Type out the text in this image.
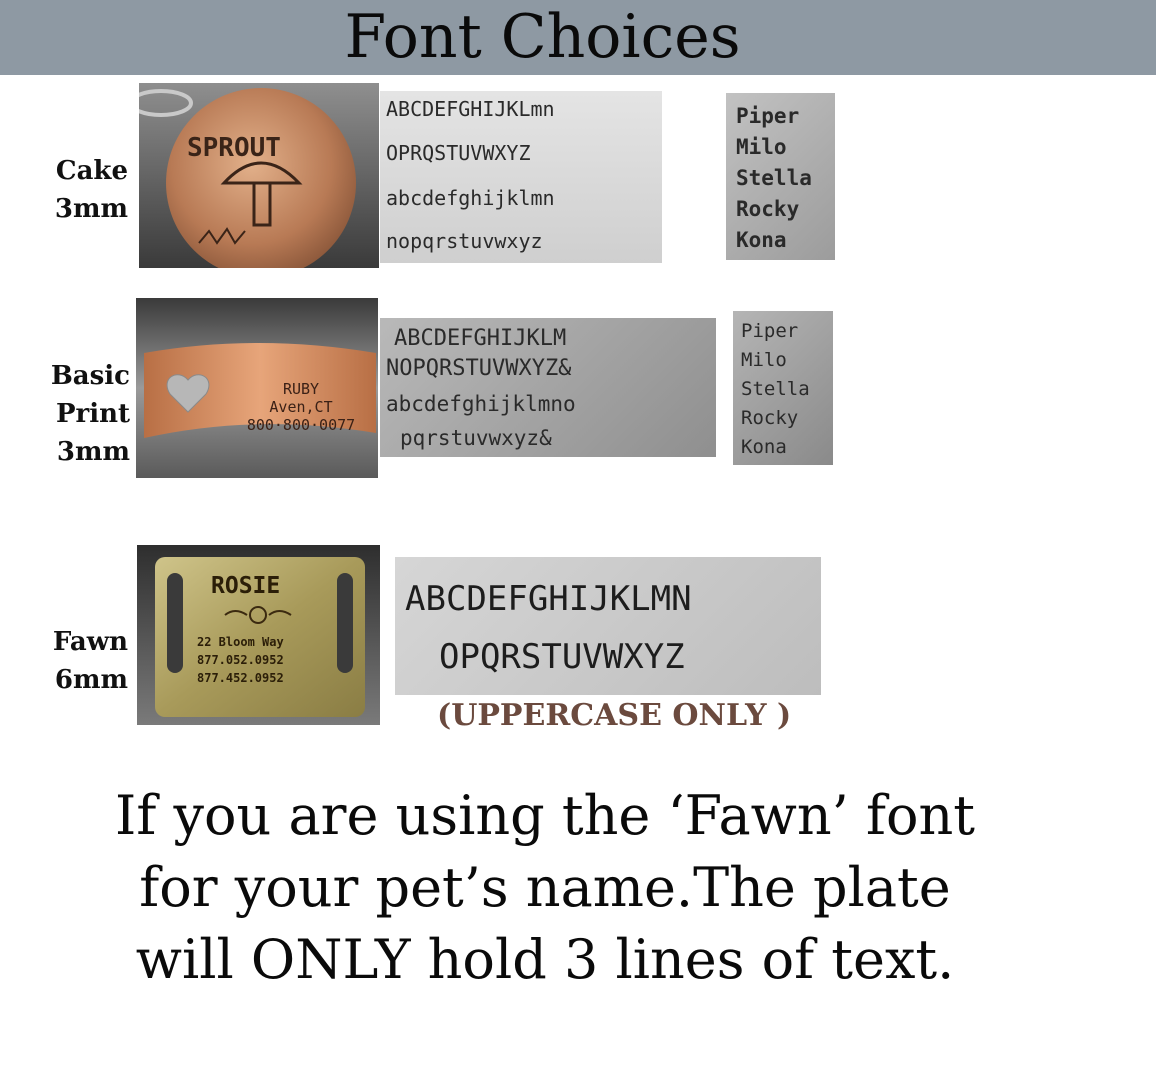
Font Choices
Cake
3mm
SPROUT
ABCDEFGHIJKLmn
OPRQSTUVWXYZ
abcdefghijklmn
nopqrstuvwxyz
Piper
Milo
Stella
Rocky
Kona
Basic
Print
3mm
RUBY
Aven,CT
800·800·0077
ABCDEFGHIJKLM
NOPQRSTUVWXYZ&
abcdefghijklmno
pqrstuvwxyz&
Piper
Milo
Stella
Rocky
Kona
Fawn
6mm
ROSIE
22 Bloom Way
877.052.0952
877.452.0952
ABCDEFGHIJKLMN
OPQRSTUVWXYZ
(UPPERCASE ONLY )
If you are using the ‘Fawn’ font
for your pet’s name.The plate
will ONLY hold 3 lines of text.
